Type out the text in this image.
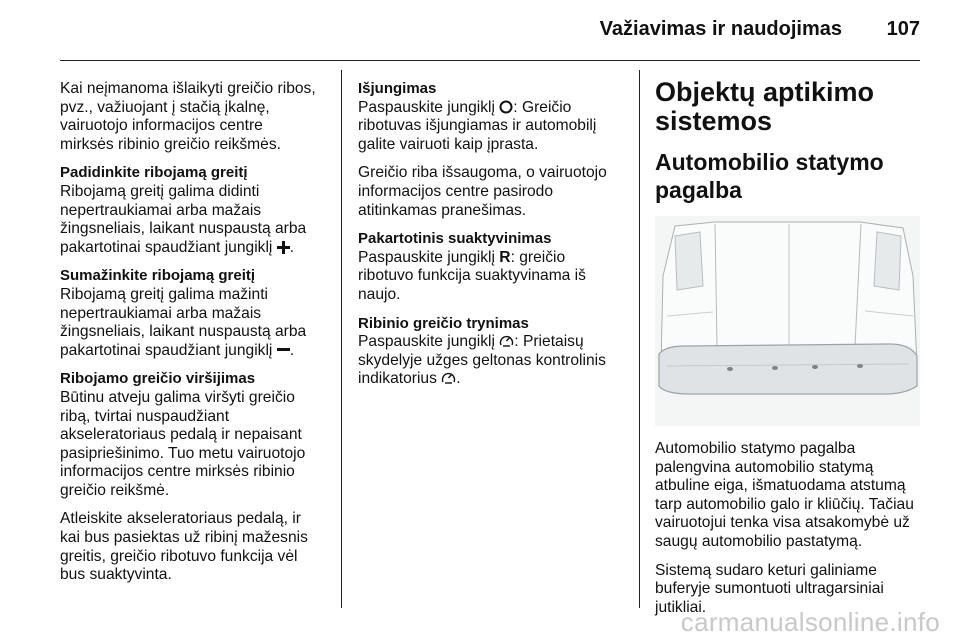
Važiavimas ir naudojimas 107

Kai neįmanoma išlaikyti greičio ribos,
pvz., važiuojant į stačią įkalnę,
vairuotojo informacijos centre
mirksės ribinio greičio reikšmės.

Padidinkite ribojamą greitį

Ribojamą greitį galima didinti
nepertraukiamai arba mažais
žingsneliais, laikant nuspaustą arba
pakartotinai spaudžiant jungiklį .

Sumažinkite ribojamą greitį

Ribojamą greitį galima mažinti
nepertraukiamai arba mažais
žingsneliais, laikant nuspaustą arba
pakartotinai spaudžiant jungiklį .

Ribojamo greičio viršijimas

Būtinu atveju galima viršyti greičio
ribą, tvirtai nuspaudžiant
akseleratoriaus pedalą ir nepaisant
pasipriešinimo. Tuo metu vairuotojo
informacijos centre mirksės ribinio
greičio reikšmė.

Atleiskite akseleratoriaus pedalą, ir
kai bus pasiektas už ribinį mažesnis
greitis, greičio ribotuvo funkcija vėl
bus suaktyvinta.

Išjungimas

Paspauskite jungiklį : Greičio
ribotuvas išjungiamas ir automobilį
galite vairuoti kaip įprasta.

Greičio riba išsaugoma, o vairuotojo
informacijos centre pasirodo
atitinkamas pranešimas.

Pakartotinis suaktyvinimas

Paspauskite jungiklį R: greičio
ribotuvo funkcija suaktyvinama iš
naujo.

Ribinio greičio trynimas

Paspauskite jungiklį : Prietaisų
skydelyje užges geltonas kontrolinis
indikatorius .

Objektų aptikimo sistemos
Automobilio statymo pagalba

Automobilio statymo pagalba
palengvina automobilio statymą
atbuline eiga, išmatuodama atstumą
tarp automobilio galo ir kliūčių. Tačiau
vairuotojui tenka visa atsakomybė už
saugų automobilio pastatymą.

Sistemą sudaro keturi galiniame
buferyje sumontuoti ultragarsiniai
jutikliai.

carmanualsonline.info
